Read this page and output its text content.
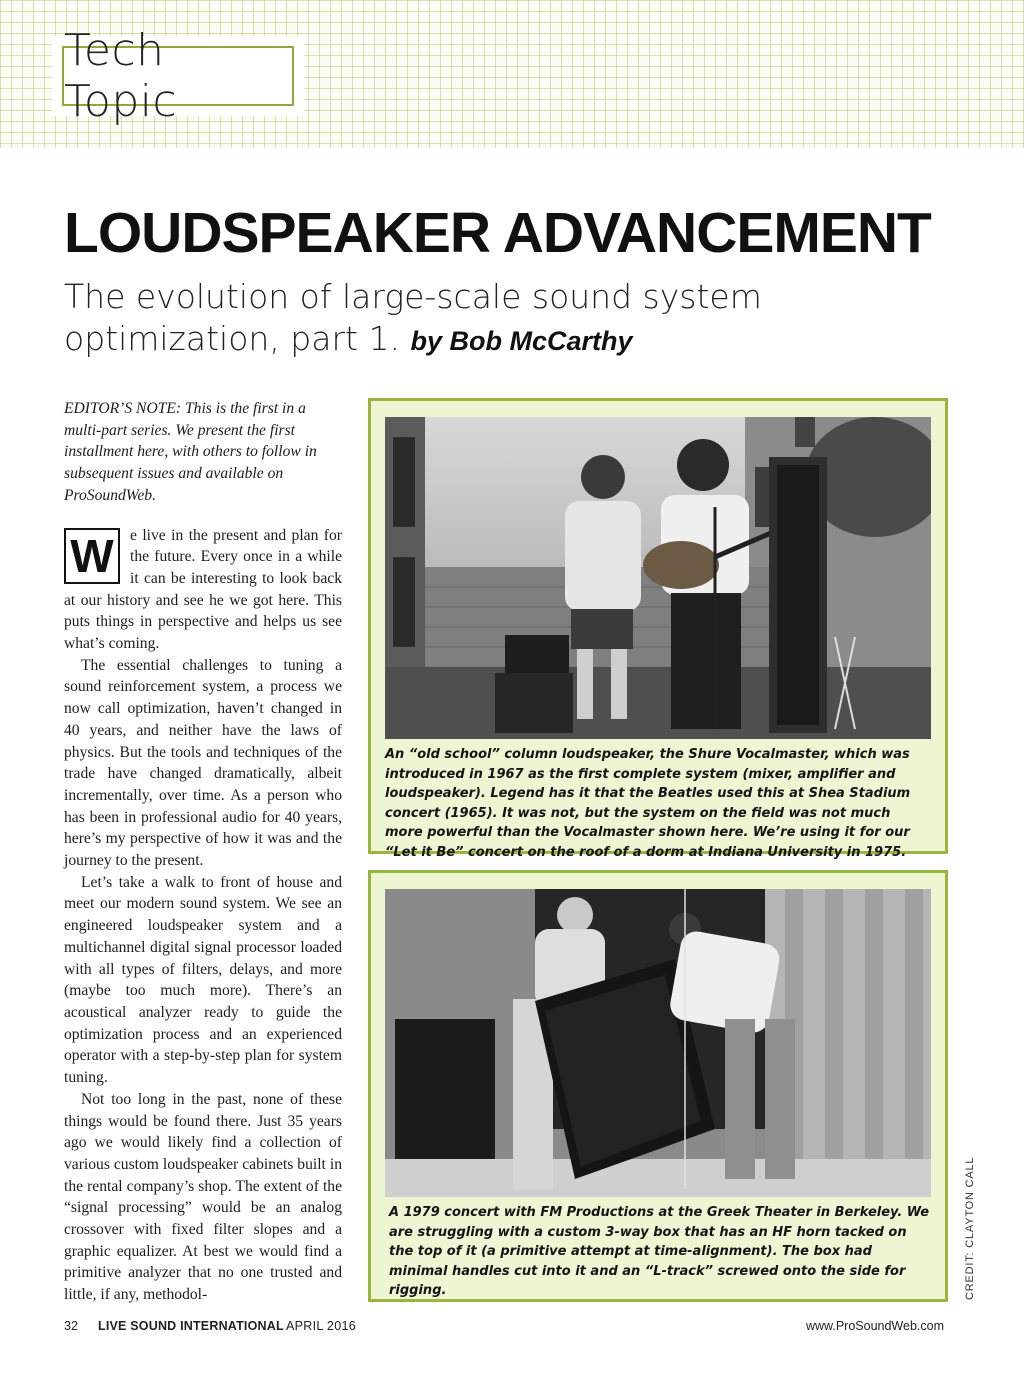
Tech Topic
LOUDSPEAKER ADVANCEMENT

The evolution of large-scale sound system optimization, part 1. by Bob McCarthy

EDITOR’S NOTE: This is the first in a multi-part series. We present the first installment here, with others to follow in subsequent issues and available on ProSoundWeb.

W	e live in the present and plan for the future. Every once in a while it can be interesting to look back at our history and see he we got here. This puts things in perspective and helps us see what’s coming.

The essential challenges to tuning a sound reinforcement system, a process we now call optimization, haven’t changed in 40 years, and neither have the laws of physics. But the tools and techniques of the trade have changed dramatically, albeit incrementally, over time. As a person who has been in professional audio for 40 years, here’s my perspective of how it was and the journey to the present.

Let’s take a walk to front of house and meet our modern sound system. We see an engineered loudspeaker system and a multichannel digital signal processor loaded with all types of filters, delays, and more (maybe too much more). There’s an acoustical analyzer ready to guide the optimization process and an experienced operator with a step-by-step plan for system tuning.

Not too long in the past, none of these things would be found there. Just 35 years ago we would likely find a collection of various custom loudspeaker cabinets built in the rental company’s shop. The extent of the “signal processing” would be an analog crossover with fixed filter slopes and a graphic equalizer. At best we would find a primitive analyzer that no one trusted and little, if any, methodol-

An “old school” column loudspeaker, the Shure Vocalmaster, which was introduced in 1967 as the first complete system (mixer, amplifier and loudspeaker). Legend has it that the Beatles used this at Shea Stadium concert (1965). It was not, but the system on the field was not much more powerful than the Vocalmaster shown here. We’re using it for our “Let it Be” concert on the roof of a dorm at Indiana University in 1975.
A 1979 concert with FM Productions at the Greek Theater in Berkeley. We are struggling with a custom 3-way box that has an HF horn tacked on the top of it (a primitive attempt at time-alignment). The box had minimal handles cut into it and an “L-track” screwed onto the side for rigging.	CREDIT: CLAYTON CALL
32 LIVE SOUND INTERNATIONAL APRIL 2016	www.ProSoundWeb.com
